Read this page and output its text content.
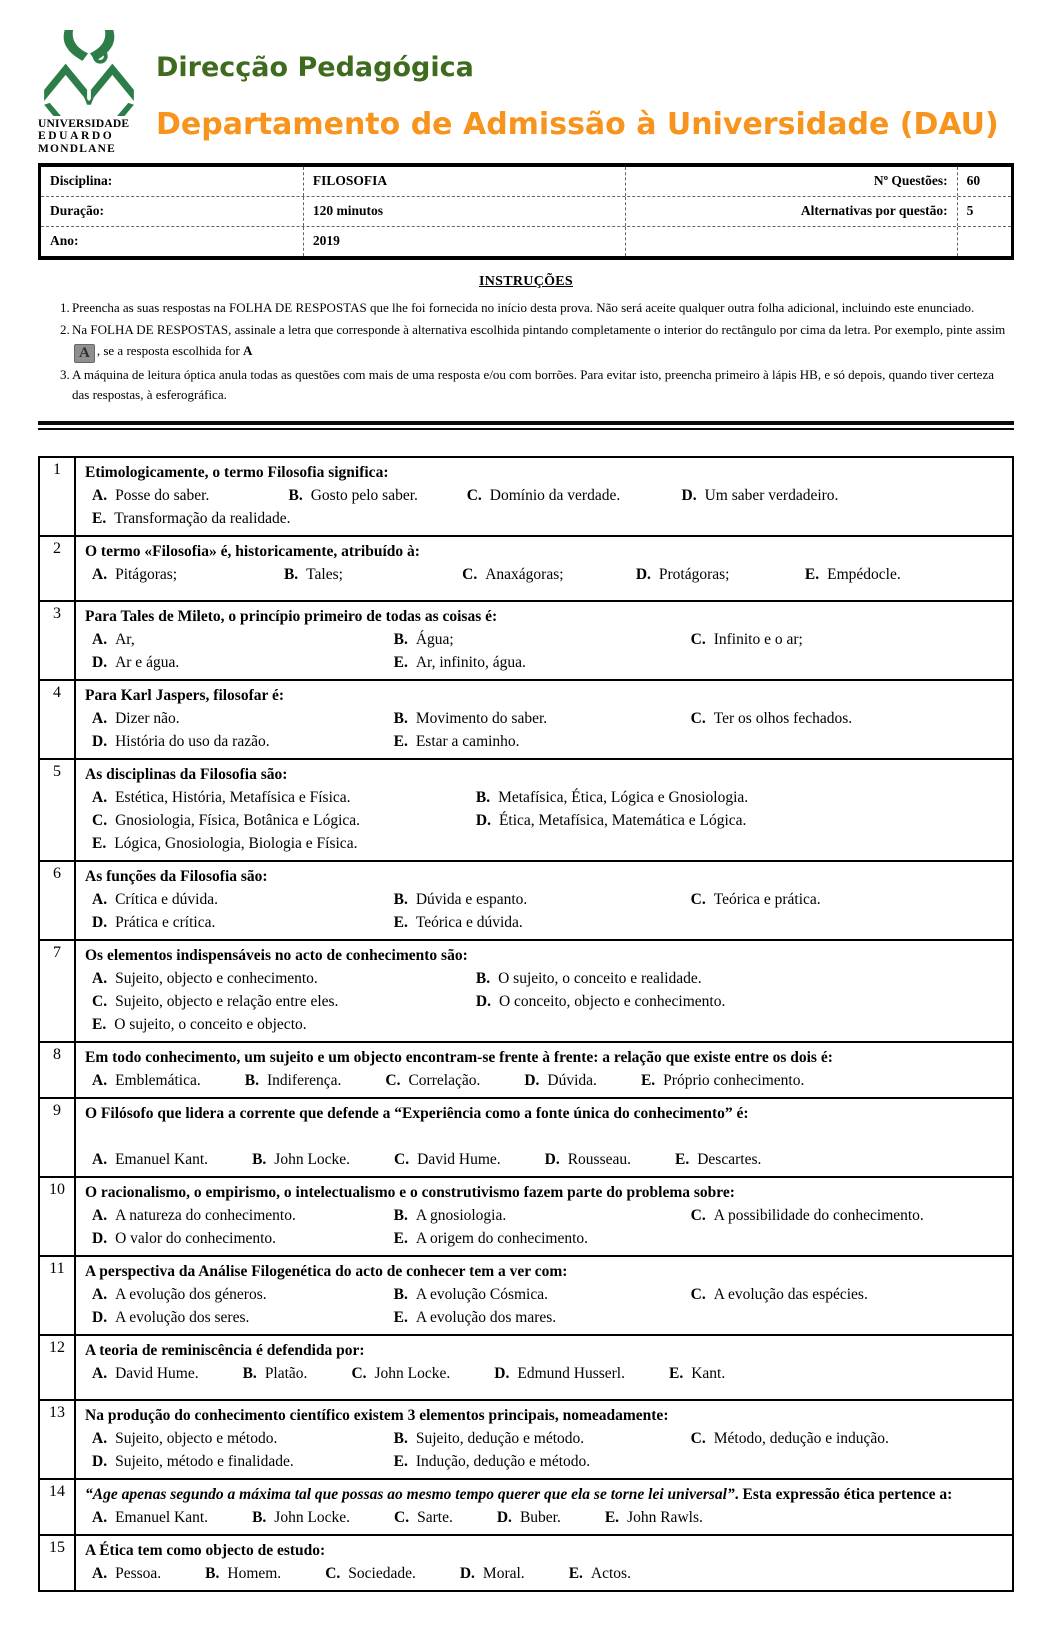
UNIVERSIDADE
EDUARDO
MONDLANE
Direcção Pedagógica
Departamento de Admissão à Universidade (DAU)
Disciplina:	FILOSOFIA	Nº Questões:	60
Duração:	120 minutos	Alternativas por questão:	5
Ano:	2019
INSTRUÇÕES
1. Preencha as suas respostas na FOLHA DE RESPOSTAS que lhe foi fornecida no início desta prova. Não será aceite qualquer outra folha adicional, incluindo este enunciado.
2. Na FOLHA DE RESPOSTAS, assinale a letra que corresponde à alternativa escolhida pintando completamente o interior do rectângulo por cima da letra. Por exemplo, pinte assim A , se a resposta escolhida for A
3. A máquina de leitura óptica anula todas as questões com mais de uma resposta e/ou com borrões. Para evitar isto, preencha primeiro à lápis HB, e só depois, quando tiver certeza das respostas, à esferográfica.
1	Etimologicamente, o termo Filosofia significa:
A. Posse do saber.	B. Gosto pelo saber.	C. Domínio da verdade.	D. Um saber verdadeiro.
E. Transformação da realidade.
2	O termo «Filosofia» é, historicamente, atribuído à:
A. Pitágoras;	B. Tales;	C. Anaxágoras;	D. Protágoras;	E. Empédocle.
3	Para Tales de Mileto, o princípio primeiro de todas as coisas é:
A. Ar,	B. Água;	C. Infinito e o ar;
D. Ar e água.	E. Ar, infinito, água.
4	Para Karl Jaspers, filosofar é:
A. Dizer não.	B. Movimento do saber.	C. Ter os olhos fechados.
D. História do uso da razão.	E. Estar a caminho.
5	As disciplinas da Filosofia são:
A. Estética, História, Metafísica e Física.	B. Metafísica, Ética, Lógica e Gnosiologia.
C. Gnosiologia, Física, Botânica e Lógica.	D. Ética, Metafísica, Matemática e Lógica.
E. Lógica, Gnosiologia, Biologia e Física.
6	As funções da Filosofia são:
A. Crítica e dúvida.	B. Dúvida e espanto.	C. Teórica e prática.
D. Prática e crítica.	E. Teórica e dúvida.
7	Os elementos indispensáveis no acto de conhecimento são:
A. Sujeito, objecto e conhecimento.	B. O sujeito, o conceito e realidade.
C. Sujeito, objecto e relação entre eles.	D. O conceito, objecto e conhecimento.
E. O sujeito, o conceito e objecto.
8	Em todo conhecimento, um sujeito e um objecto encontram-se frente à frente: a relação que existe entre os dois é:
A. Emblemática.	B. Indiferença.	C. Correlação.	D. Dúvida.	E. Próprio conhecimento.
9	O Filósofo que lidera a corrente que defende a “Experiência como a fonte única do conhecimento” é:
A. Emanuel Kant.	B. John Locke.	C. David Hume.	D. Rousseau.	E. Descartes.
10	O racionalismo, o empirismo, o intelectualismo e o construtivismo fazem parte do problema sobre:
A. A natureza do conhecimento.	B. A gnosiologia.	C. A possibilidade do conhecimento.
D. O valor do conhecimento.	E. A origem do conhecimento.
11	A perspectiva da Análise Filogenética do acto de conhecer tem a ver com:
A. A evolução dos géneros.	B. A evolução Cósmica.	C. A evolução das espécies.
D. A evolução dos seres.	E. A evolução dos mares.
12	A teoria de reminiscência é defendida por:
A. David Hume.	B. Platão.	C. John Locke.	D. Edmund Husserl.	E. Kant.
13	Na produção do conhecimento científico existem 3 elementos principais, nomeadamente:
A. Sujeito, objecto e método.	B. Sujeito, dedução e método.	C. Método, dedução e indução.
D. Sujeito, método e finalidade.	E. Indução, dedução e método.
14	“Age apenas segundo a máxima tal que possas ao mesmo tempo querer que ela se torne lei universal”. Esta expressão ética pertence a:
A. Emanuel Kant.	B. John Locke.	C. Sarte.	D. Buber.	E. John Rawls.
15	A Ética tem como objecto de estudo:
A. Pessoa.	B. Homem.	C. Sociedade.	D. Moral.	E. Actos.
